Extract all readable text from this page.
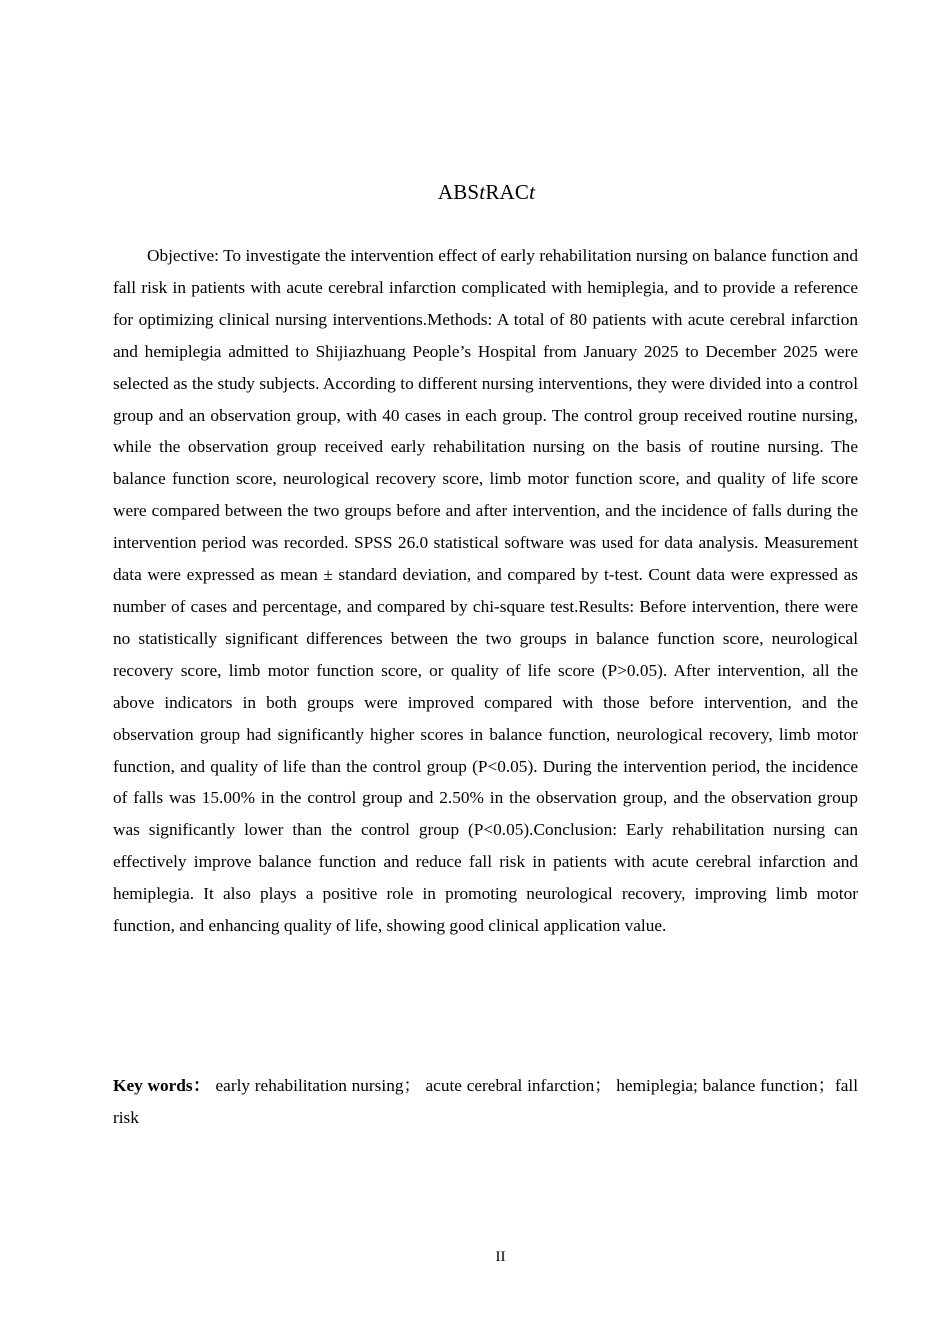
ABStRACt

Objective: To investigate the intervention effect of early rehabilitation nursing on balance function and fall risk in patients with acute cerebral infarction complicated with hemiplegia, and to provide a reference for optimizing clinical nursing interventions.Methods: A total of 80 patients with acute cerebral infarction and hemiplegia admitted to Shijiazhuang People’s Hospital from January 2025 to December 2025 were selected as the study subjects. According to different nursing interventions, they were divided into a control group and an observation group, with 40 cases in each group. The control group received routine nursing, while the observation group received early rehabilitation nursing on the basis of routine nursing. The balance function score, neurological recovery score, limb motor function score, and quality of life score were compared between the two groups before and after intervention, and the incidence of falls during the intervention period was recorded. SPSS 26.0 statistical software was used for data analysis. Measurement data were expressed as mean ± standard deviation, and compared by t-test. Count data were expressed as number of cases and percentage, and compared by chi-square test.Results: Before intervention, there were no statistically significant differences between the two groups in balance function score, neurological recovery score, limb motor function score, or quality of life score (P>0.05). After intervention, all the above indicators in both groups were improved compared with those before intervention, and the observation group had significantly higher scores in balance function, neurological recovery, limb motor function, and quality of life than the control group (P<0.05). During the intervention period, the incidence of falls was 15.00% in the control group and 2.50% in the observation group, and the observation group was significantly lower than the control group (P<0.05).Conclusion: Early rehabilitation nursing can effectively improve balance function and reduce fall risk in patients with acute cerebral infarction and hemiplegia. It also plays a positive role in promoting neurological recovery, improving limb motor function, and enhancing quality of life, showing good clinical application value.

Key words： early rehabilitation nursing； acute cerebral infarction； hemiplegia; balance function；fall risk

II
